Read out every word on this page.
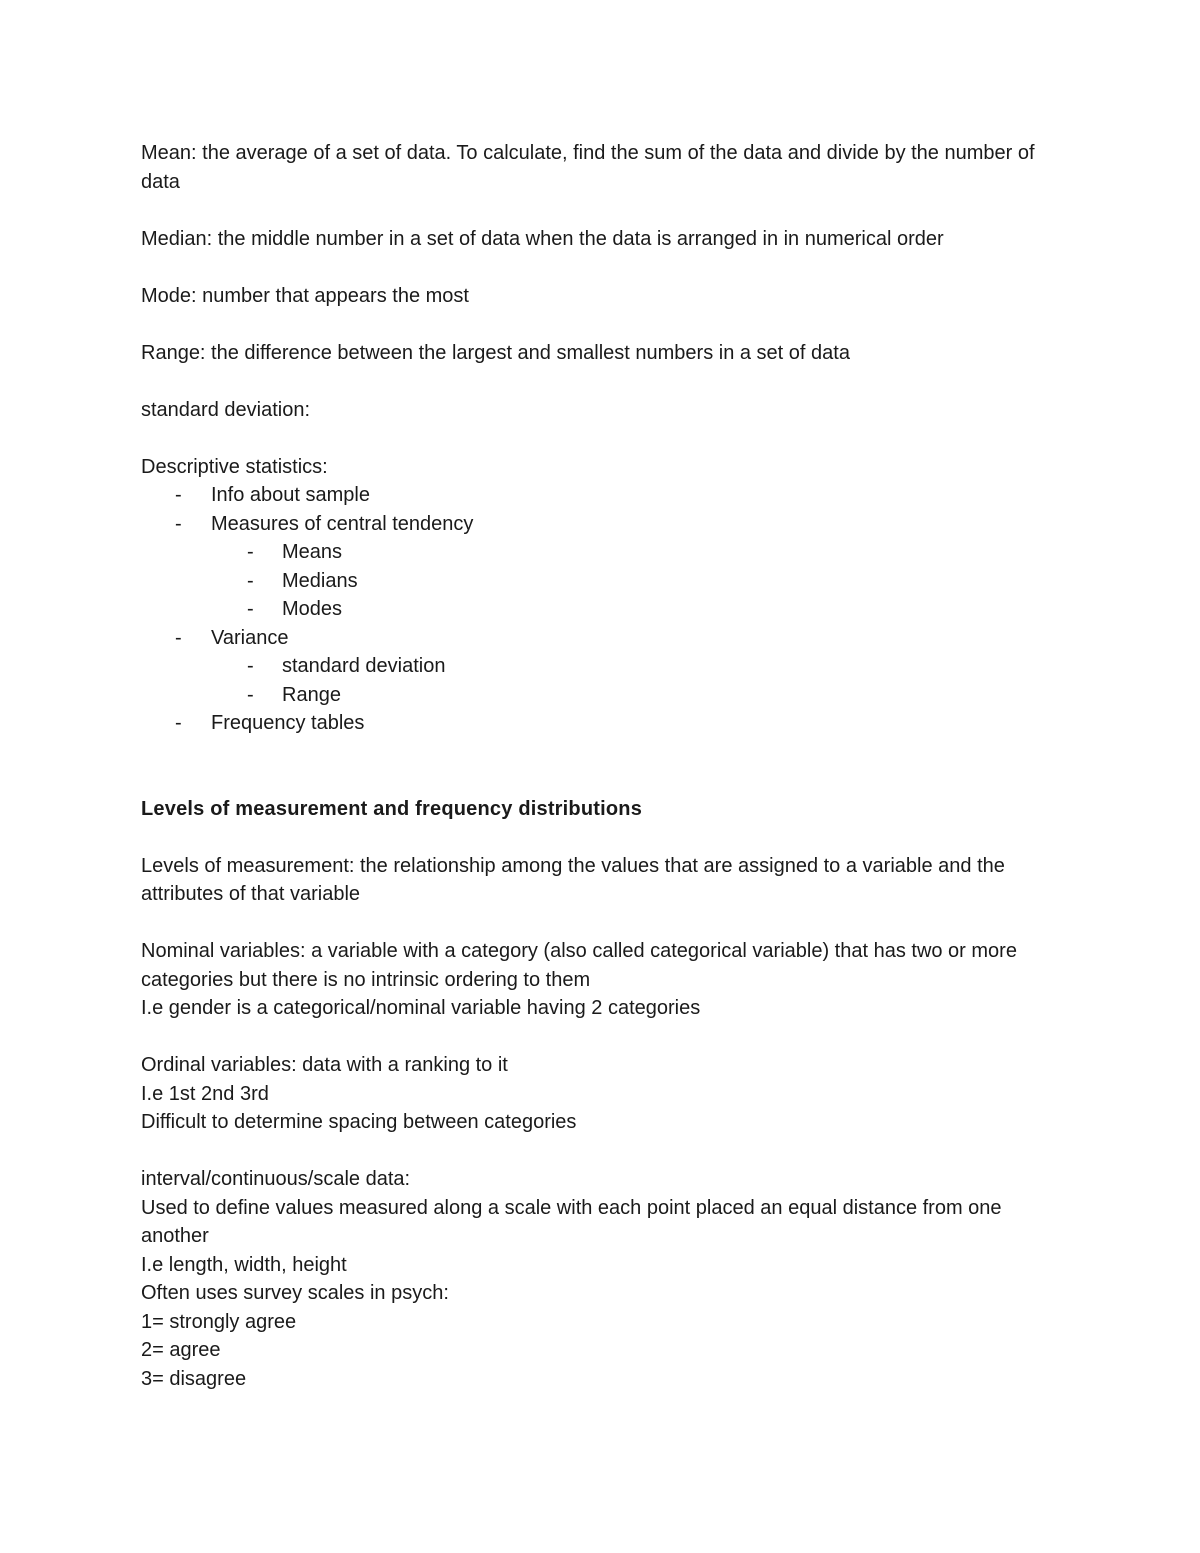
Mean: the average of a set of data. To calculate, find the sum of the data and divide by the number of data

Median: the middle number in a set of data when the data is arranged in in numerical order

Mode: number that appears the most

Range: the difference between the largest and smallest numbers in a set of data

standard deviation:

Descriptive statistics:

- Info about sample

- Measures of central tendency

- Means

- Medians

- Modes

- Variance

- standard deviation

- Range

- Frequency tables

Levels of measurement and frequency distributions

Levels of measurement: the relationship among the values that are assigned to a variable and the attributes of that variable

Nominal variables: a variable with a category (also called categorical variable) that has two or more categories but there is no intrinsic ordering to them

I.e gender is a categorical/nominal variable having 2 categories

Ordinal variables: data with a ranking to it

I.e 1st 2nd 3rd

Difficult to determine spacing between categories

interval/continuous/scale data:

Used to define values measured along a scale with each point placed an equal distance from one another

I.e length, width, height

Often uses survey scales in psych:

1= strongly agree

2= agree

3= disagree
